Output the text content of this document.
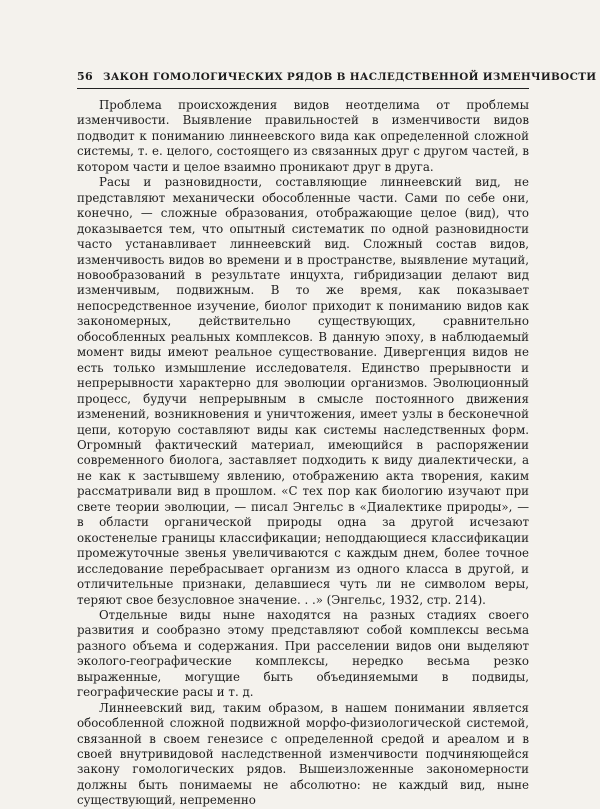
56 ЗАКОН ГОМОЛОГИЧЕСКИХ РЯДОВ В НАСЛЕДСТВЕННОЙ ИЗМЕНЧИВОСТИ

Проблема происхождения видов неотделима от проблемы изменчивости. Выявление правильностей в изменчивости видов подводит к пониманию линнеевского вида как определенной сложной системы, т. е. целого, состоящего из связанных друг с другом частей, в котором части и целое взаимно проникают друг в друга.

Расы и разновидности, составляющие линнеевский вид, не представляют механически обособленные части. Сами по себе они, конечно, — сложные образования, отображающие целое (вид), что доказывается тем, что опытный систематик по одной разновидности часто устанавливает линнеевский вид. Сложный состав видов, изменчивость видов во времени и в пространстве, выявление мутаций, новообразований в результате инцухта, гибридизации делают вид изменчивым, подвижным. В то же время, как показывает непосредственное изучение, биолог приходит к пониманию видов как закономерных, действительно существующих, сравнительно обособленных реальных комплексов. В данную эпоху, в наблюдаемый момент виды имеют реальное существование. Дивергенция видов не есть только измышление исследователя. Единство прерывности и непрерывности характерно для эволюции организмов. Эволюционный процесс, будучи непрерывным в смысле постоянного движения изменений, возникновения и уничтожения, имеет узлы в бесконечной цепи, которую составляют виды как системы наследственных форм. Огромный фактический материал, имеющийся в распоряжении современного биолога, заставляет подходить к виду диалектически, а не как к застывшему явлению, отображению акта творения, каким рассматривали вид в прошлом. «С тех пор как биологию изучают при свете теории эволюции, — писал Энгельс в «Диалектике природы», — в области органической природы одна за другой исчезают окостенелые границы классификации; неподдающиеся классификации промежуточные звенья увеличиваются с каждым днем, более точное исследование перебрасывает организм из одного класса в другой, и отличительные признаки, делавшиеся чуть ли не символом веры, теряют свое безусловное значение. . .» (Энгельс, 1932, стр. 214).

Отдельные виды ныне находятся на разных стадиях своего развития и сообразно этому представляют собой комплексы весьма разного объема и содержания. При расселении видов они выделяют эколого-географические комплексы, нередко весьма резко выраженные, могущие быть объединяемыми в подвиды, географические расы и т. д.

Линнеевский вид, таким образом, в нашем понимании является обособленной сложной подвижной морфо-физиологической системой, связанной в своем генезисе с определенной средой и ареалом и в своей внутривидовой наследственной изменчивости подчиняющейся закону гомологических рядов. Вышеизложенные закономерности должны быть понимаемы не абсолютно: не каждый вид, ныне существующий, непременно
